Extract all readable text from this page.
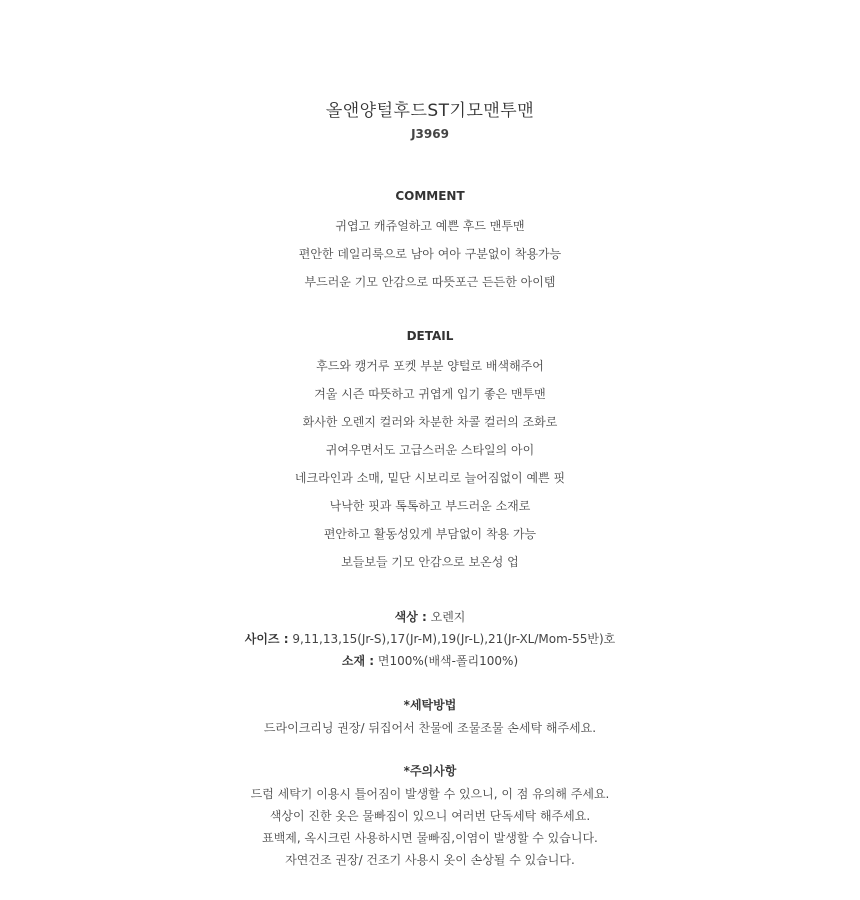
올앤양털후드ST기모맨투맨
J3969
COMMENT
귀엽고 캐쥬얼하고 예쁜 후드 맨투맨
편안한 데일리룩으로 남아 여아 구분없이 착용가능
부드러운 기모 안감으로 따뜻포근 든든한 아이템
DETAIL
후드와 캥거루 포켓 부분 양털로 배색해주어
겨울 시즌 따뜻하고 귀엽게 입기 좋은 맨투맨
화사한 오렌지 컬러와 차분한 차콜 컬러의 조화로
귀여우면서도 고급스러운 스타일의 아이
네크라인과 소매, 밑단 시보리로 늘어짐없이 예쁜 핏
낙낙한 핏과 톡톡하고 부드러운 소재로
편안하고 활동성있게 부담없이 착용 가능
보들보들 기모 안감으로 보온성 업
색상 : 오렌지
사이즈 : 9,11,13,15(Jr-S),17(Jr-M),19(Jr-L),21(Jr-XL/Mom-55반)호
소재 : 면100%(배색-폴리100%)
*세탁방법
드라이크리닝 권장/ 뒤집어서 찬물에 조물조물 손세탁 해주세요.
*주의사항
드럼 세탁기 이용시 틀어짐이 발생할 수 있으니, 이 점 유의해 주세요.
색상이 진한 옷은 물빠짐이 있으니 여러번 단독세탁 해주세요.
표백제, 옥시크린 사용하시면 물빠짐,이염이 발생할 수 있습니다.
자연건조 권장/ 건조기 사용시 옷이 손상될 수 있습니다.
